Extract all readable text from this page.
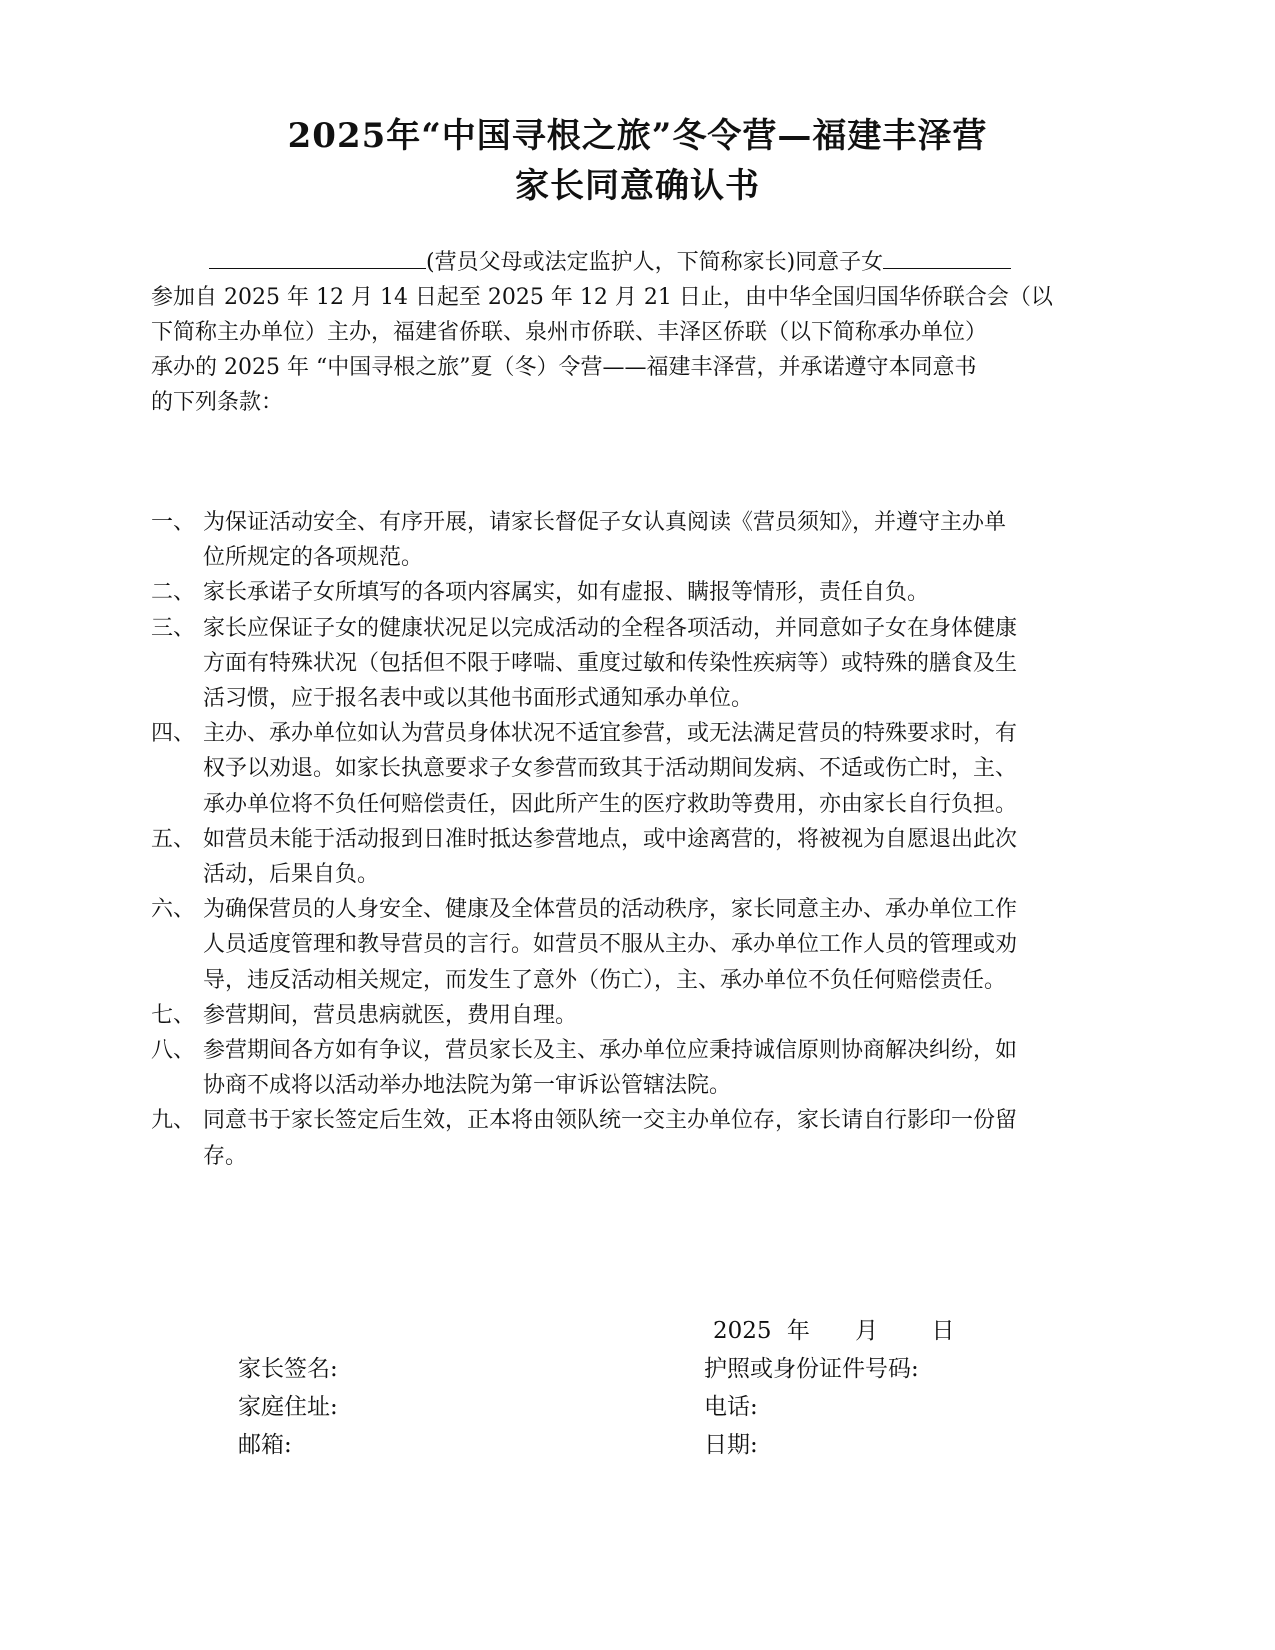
2025年“中国寻根之旅”冬令营—福建丰泽营
家长同意确认书
(营员父母或法定监护人，下简称家长)同意子女
参加自 2025 年 12 月 14 日起至 2025 年 12 月 21 日止，由中华全国归国华侨联合会（以
下简称主办单位）主办，福建省侨联、泉州市侨联、丰泽区侨联（以下简称承办单位）
承办的 2025 年 “中国寻根之旅”夏（冬）令营——福建丰泽营，并承诺遵守本同意书
的下列条款：
一、 为保证活动安全、有序开展，请家长督促子女认真阅读《营员须知》，并遵守主办单
位所规定的各项规范。
二、 家长承诺子女所填写的各项内容属实，如有虚报、瞒报等情形，责任自负。
三、 家长应保证子女的健康状况足以完成活动的全程各项活动，并同意如子女在身体健康
方面有特殊状况（包括但不限于哮喘、重度过敏和传染性疾病等）或特殊的膳食及生
活习惯，应于报名表中或以其他书面形式通知承办单位。
四、 主办、承办单位如认为营员身体状况不适宜参营，或无法满足营员的特殊要求时，有
权予以劝退。如家长执意要求子女参营而致其于活动期间发病、不适或伤亡时，主、
承办单位将不负任何赔偿责任，因此所产生的医疗救助等费用，亦由家长自行负担。
五、 如营员未能于活动报到日准时抵达参营地点，或中途离营的，将被视为自愿退出此次
活动，后果自负。
六、 为确保营员的人身安全、健康及全体营员的活动秩序，家长同意主办、承办单位工作
人员适度管理和教导营员的言行。如营员不服从主办、承办单位工作人员的管理或劝
导，违反活动相关规定，而发生了意外（伤亡），主、承办单位不负任何赔偿责任。
七、 参营期间，营员患病就医，费用自理。
八、 参营期间各方如有争议，营员家长及主、承办单位应秉持诚信原则协商解决纠纷，如
协商不成将以活动举办地法院为第一审诉讼管辖法院。
九、 同意书于家长签定后生效，正本将由领队统一交主办单位存，家长请自行影印一份留
存。
2025 年 月 日
家长签名:	护照或身份证件号码:
家庭住址:	电话:
邮箱:	日期:
